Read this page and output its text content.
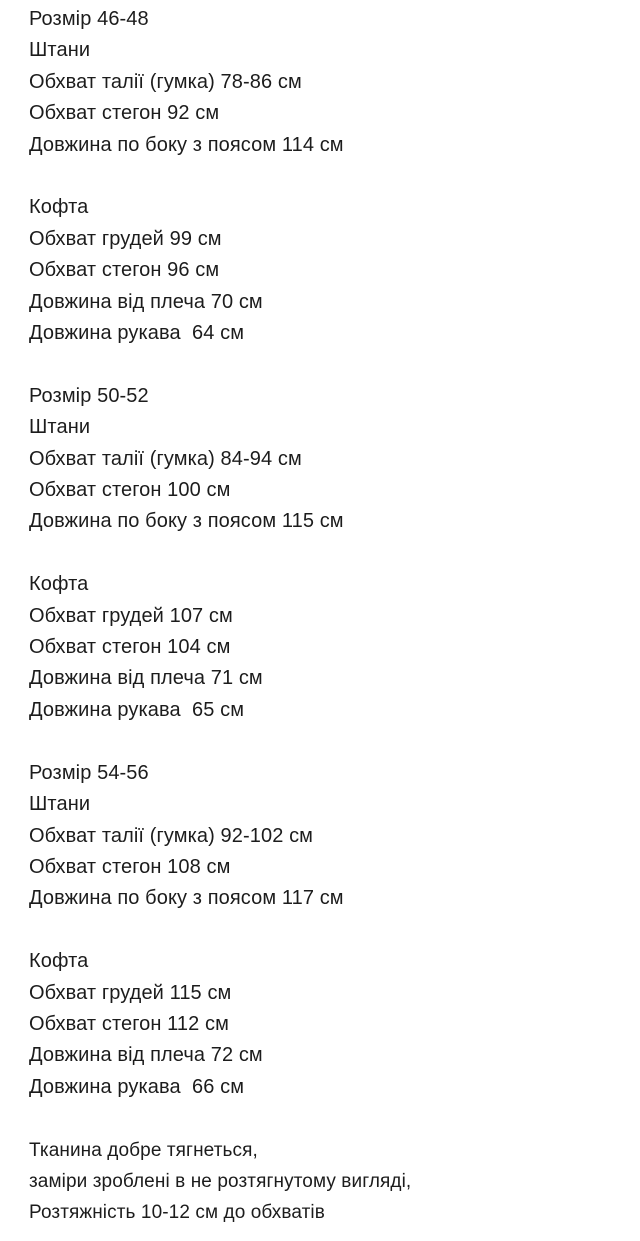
Розмір 46-48
Штани
Обхват талії (гумка) 78-86 см
Обхват стегон 92 см
Довжина по боку з поясом 114 см
Кофта
Обхват грудей 99 см
Обхват стегон 96 см
Довжина від плеча 70 см
Довжина рукава  64 см
Розмір 50-52
Штани
Обхват талії (гумка) 84-94 см
Обхват стегон 100 см
Довжина по боку з поясом 115 см
Кофта
Обхват грудей 107 см
Обхват стегон 104 см
Довжина від плеча 71 см
Довжина рукава  65 см
Розмір 54-56
Штани
Обхват талії (гумка) 92-102 см
Обхват стегон 108 см
Довжина по боку з поясом 117 см
Кофта
Обхват грудей 115 см
Обхват стегон 112 см
Довжина від плеча 72 см
Довжина рукава  66 см
Тканина добре тягнеться,
заміри зроблені в не розтягнутому вигляді,
Розтяжність 10-12 см до обхватів
